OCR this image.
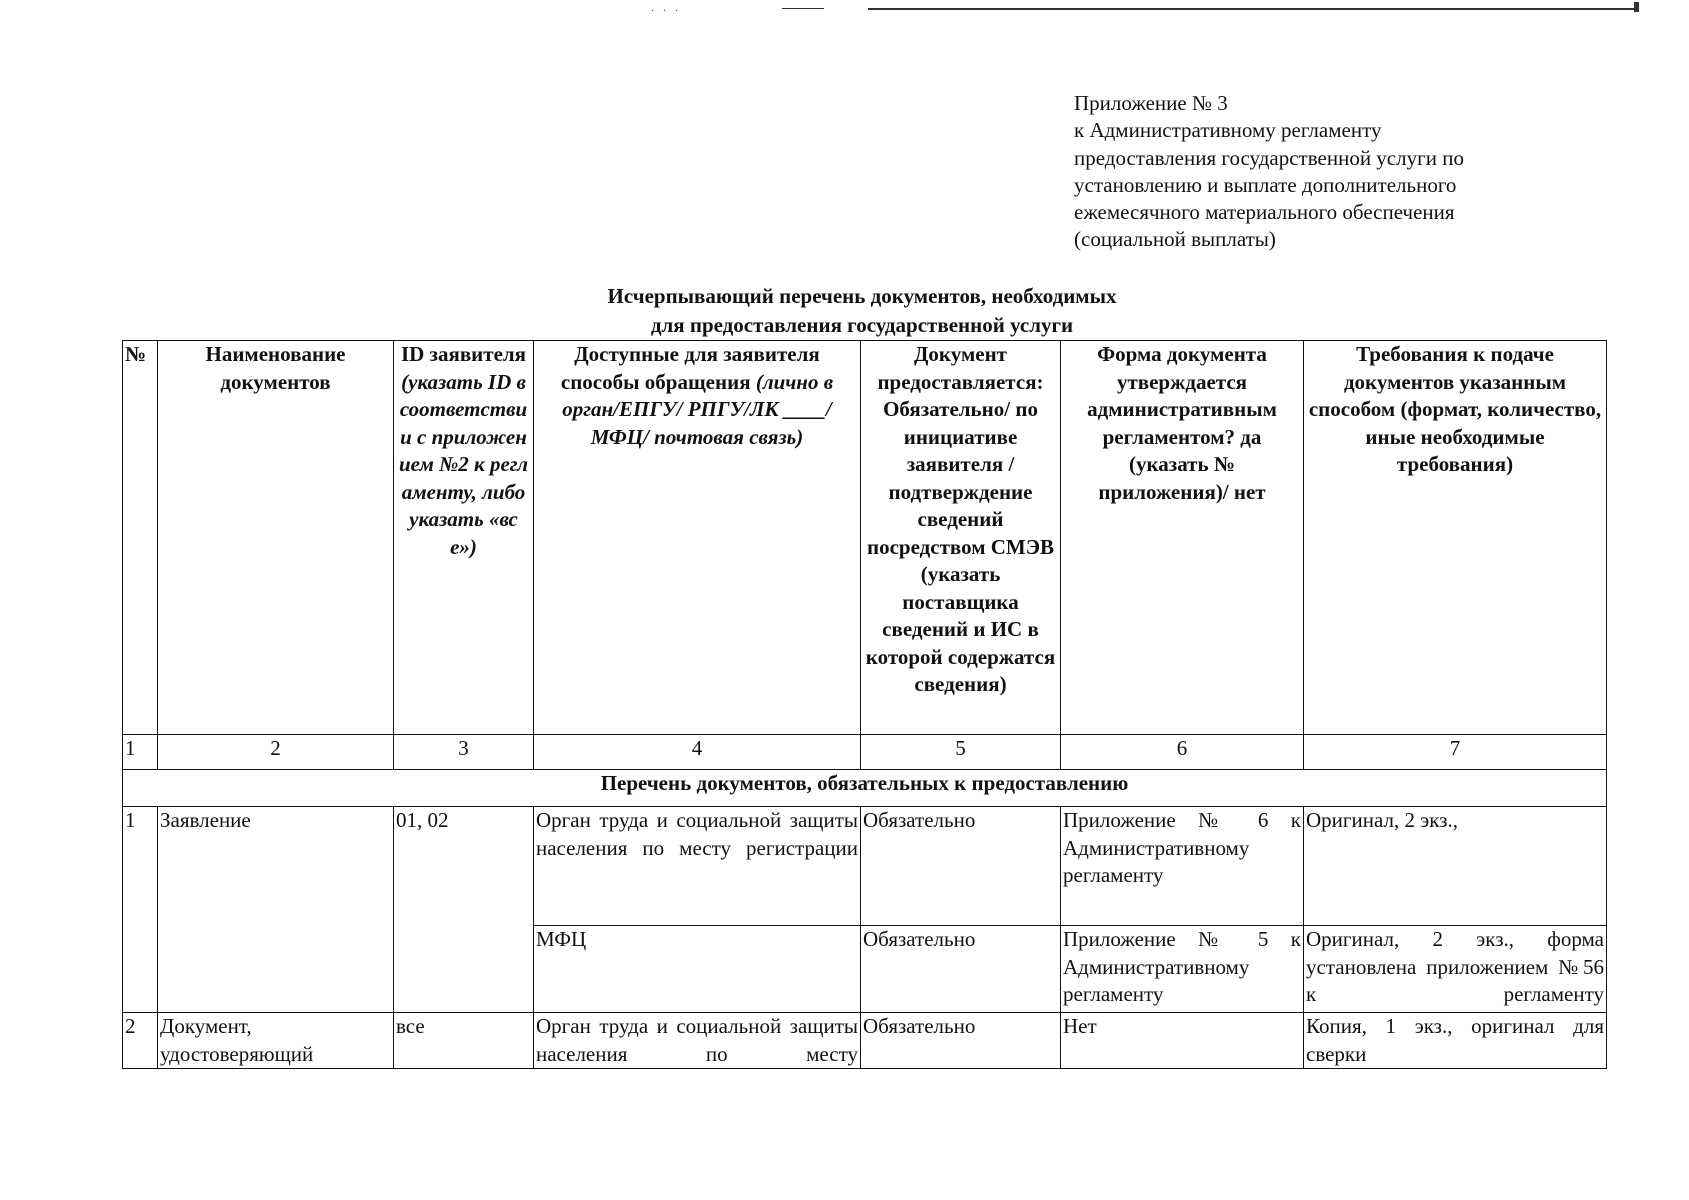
. . .
Приложение № 3
к Административному регламенту
предоставления государственной услуги по
установлению и выплате дополнительного
ежемесячного материального обеспечения
(социальной выплаты)
Исчерпывающий перечень документов, необходимых
для предоставления государственной услуги
№	Наименование документов	ID заявителя (указать ID в соответствии с приложением №2 к регламенту, либо указать «все»)	Доступные для заявителя способы обращения (лично в орган/ЕПГУ/ РПГУ/ЛК ____/ МФЦ/ почтовая связь)	Документ предоставляется: Обязательно/ по инициативе заявителя /подтверждение сведений посредством СМЭВ (указать поставщика сведений и ИС в которой содержатся сведения)	Форма документа утверждается административным регламентом? да (указать № приложения)/ нет	Требования к подаче документов указанным способом (формат, количество, иные необходимые требования)
1	2	3	4	5	6	7
Перечень документов, обязательных к предоставлению						
1	Заявление	01, 02	Орган труда и социальной защиты населения по месту регистрации	Обязательно	Приложение № 6 к Административному регламенту	Оригинал, 2 экз.,
			МФЦ	Обязательно	Приложение № 5 к Административному регламенту	Оригинал, 2 экз., форма установлена приложением №56 к регламенту
2	Документ, удостоверяющий	все	Орган труда и социальной защиты населения по месту	Обязательно	Нет	Копия, 1 экз., оригинал для сверки
